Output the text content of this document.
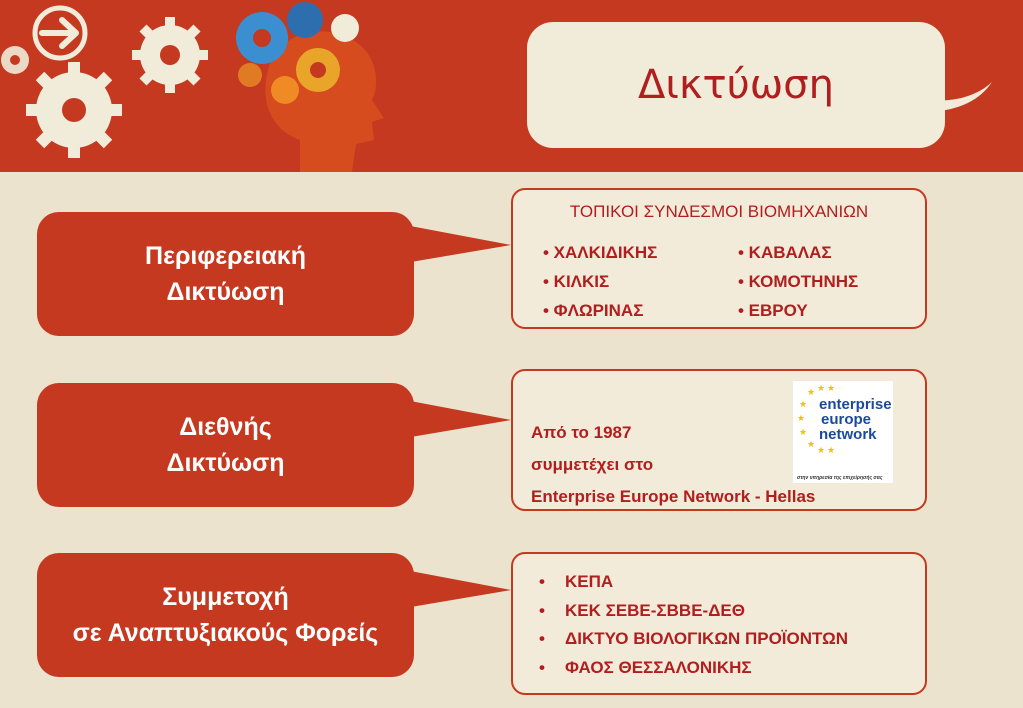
Δικτύωση
Περιφερειακή
Δικτύωση
ΤΟΠΙΚΟΙ ΣΥΝΔΕΣΜΟΙ ΒΙΟΜΗΧΑΝΙΩΝ
• ΧΑΛΚΙΔΙΚΗΣ
• ΚΙΛΚΙΣ
• ΦΛΩΡΙΝΑΣ
• ΚΑΒΑΛΑΣ
• ΚΟΜΟΤΗΝΗΣ
• ΕΒΡΟΥ
Διεθνής
Δικτύωση
Από το 1987
συμμετέχει στο
Enterprise Europe Network - Hellas
★ ★ ★
★
★
★
★
★ ★
enterprise
europe
network
στην υπηρεσία της επιχείρησής σας
Συμμετοχή
σε Αναπτυξιακούς Φορείς
• ΚΕΠΑ
• ΚΕΚ ΣΕΒΕ-ΣΒΒΕ-ΔΕΘ
• ΔΙΚΤΥΟ ΒΙΟΛΟΓΙΚΩΝ ΠΡΟΪΟΝΤΩΝ
• ΦΑΟΣ ΘΕΣΣΑΛΟΝΙΚΗΣ
